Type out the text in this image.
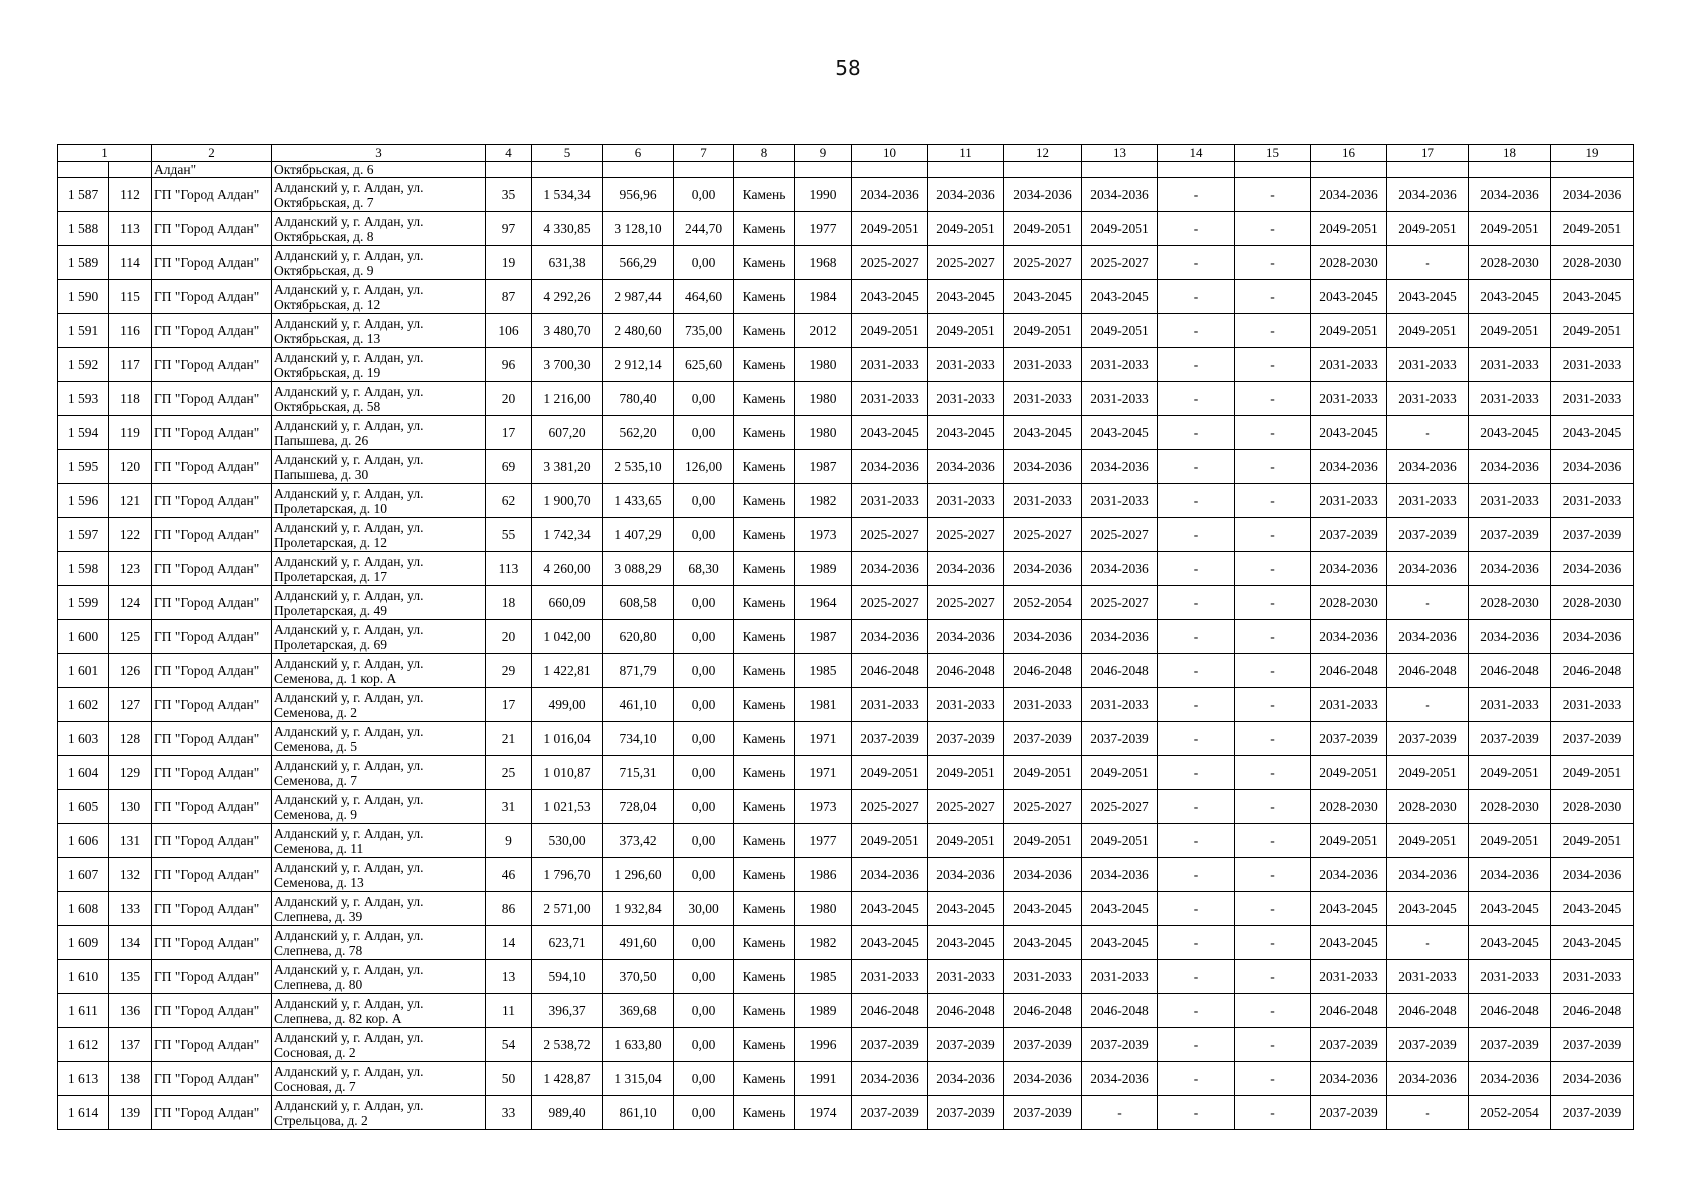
58
1		2	3	4	5	6	7	8	9	10	11	12	13	14	15	16	17	18	19
		Алдан"	Октябрьская, д. 6																
1 587	112	ГП "Город Алдан"	Алданский у, г. Алдан, ул. Октябрьская, д. 7	35	1 534,34	956,96	0,00	Камень	1990	2034-2036	2034-2036	2034-2036	2034-2036	-	-	2034-2036	2034-2036	2034-2036	2034-2036
1 588	113	ГП "Город Алдан"	Алданский у, г. Алдан, ул. Октябрьская, д. 8	97	4 330,85	3 128,10	244,70	Камень	1977	2049-2051	2049-2051	2049-2051	2049-2051	-	-	2049-2051	2049-2051	2049-2051	2049-2051
1 589	114	ГП "Город Алдан"	Алданский у, г. Алдан, ул. Октябрьская, д. 9	19	631,38	566,29	0,00	Камень	1968	2025-2027	2025-2027	2025-2027	2025-2027	-	-	2028-2030	-	2028-2030	2028-2030
1 590	115	ГП "Город Алдан"	Алданский у, г. Алдан, ул. Октябрьская, д. 12	87	4 292,26	2 987,44	464,60	Камень	1984	2043-2045	2043-2045	2043-2045	2043-2045	-	-	2043-2045	2043-2045	2043-2045	2043-2045
1 591	116	ГП "Город Алдан"	Алданский у, г. Алдан, ул. Октябрьская, д. 13	106	3 480,70	2 480,60	735,00	Камень	2012	2049-2051	2049-2051	2049-2051	2049-2051	-	-	2049-2051	2049-2051	2049-2051	2049-2051
1 592	117	ГП "Город Алдан"	Алданский у, г. Алдан, ул. Октябрьская, д. 19	96	3 700,30	2 912,14	625,60	Камень	1980	2031-2033	2031-2033	2031-2033	2031-2033	-	-	2031-2033	2031-2033	2031-2033	2031-2033
1 593	118	ГП "Город Алдан"	Алданский у, г. Алдан, ул. Октябрьская, д. 58	20	1 216,00	780,40	0,00	Камень	1980	2031-2033	2031-2033	2031-2033	2031-2033	-	-	2031-2033	2031-2033	2031-2033	2031-2033
1 594	119	ГП "Город Алдан"	Алданский у, г. Алдан, ул. Папышева, д. 26	17	607,20	562,20	0,00	Камень	1980	2043-2045	2043-2045	2043-2045	2043-2045	-	-	2043-2045	-	2043-2045	2043-2045
1 595	120	ГП "Город Алдан"	Алданский у, г. Алдан, ул. Папышева, д. 30	69	3 381,20	2 535,10	126,00	Камень	1987	2034-2036	2034-2036	2034-2036	2034-2036	-	-	2034-2036	2034-2036	2034-2036	2034-2036
1 596	121	ГП "Город Алдан"	Алданский у, г. Алдан, ул. Пролетарская, д. 10	62	1 900,70	1 433,65	0,00	Камень	1982	2031-2033	2031-2033	2031-2033	2031-2033	-	-	2031-2033	2031-2033	2031-2033	2031-2033
1 597	122	ГП "Город Алдан"	Алданский у, г. Алдан, ул. Пролетарская, д. 12	55	1 742,34	1 407,29	0,00	Камень	1973	2025-2027	2025-2027	2025-2027	2025-2027	-	-	2037-2039	2037-2039	2037-2039	2037-2039
1 598	123	ГП "Город Алдан"	Алданский у, г. Алдан, ул. Пролетарская, д. 17	113	4 260,00	3 088,29	68,30	Камень	1989	2034-2036	2034-2036	2034-2036	2034-2036	-	-	2034-2036	2034-2036	2034-2036	2034-2036
1 599	124	ГП "Город Алдан"	Алданский у, г. Алдан, ул. Пролетарская, д. 49	18	660,09	608,58	0,00	Камень	1964	2025-2027	2025-2027	2052-2054	2025-2027	-	-	2028-2030	-	2028-2030	2028-2030
1 600	125	ГП "Город Алдан"	Алданский у, г. Алдан, ул. Пролетарская, д. 69	20	1 042,00	620,80	0,00	Камень	1987	2034-2036	2034-2036	2034-2036	2034-2036	-	-	2034-2036	2034-2036	2034-2036	2034-2036
1 601	126	ГП "Город Алдан"	Алданский у, г. Алдан, ул. Семенова, д. 1 кор. А	29	1 422,81	871,79	0,00	Камень	1985	2046-2048	2046-2048	2046-2048	2046-2048	-	-	2046-2048	2046-2048	2046-2048	2046-2048
1 602	127	ГП "Город Алдан"	Алданский у, г. Алдан, ул. Семенова, д. 2	17	499,00	461,10	0,00	Камень	1981	2031-2033	2031-2033	2031-2033	2031-2033	-	-	2031-2033	-	2031-2033	2031-2033
1 603	128	ГП "Город Алдан"	Алданский у, г. Алдан, ул. Семенова, д. 5	21	1 016,04	734,10	0,00	Камень	1971	2037-2039	2037-2039	2037-2039	2037-2039	-	-	2037-2039	2037-2039	2037-2039	2037-2039
1 604	129	ГП "Город Алдан"	Алданский у, г. Алдан, ул. Семенова, д. 7	25	1 010,87	715,31	0,00	Камень	1971	2049-2051	2049-2051	2049-2051	2049-2051	-	-	2049-2051	2049-2051	2049-2051	2049-2051
1 605	130	ГП "Город Алдан"	Алданский у, г. Алдан, ул. Семенова, д. 9	31	1 021,53	728,04	0,00	Камень	1973	2025-2027	2025-2027	2025-2027	2025-2027	-	-	2028-2030	2028-2030	2028-2030	2028-2030
1 606	131	ГП "Город Алдан"	Алданский у, г. Алдан, ул. Семенова, д. 11	9	530,00	373,42	0,00	Камень	1977	2049-2051	2049-2051	2049-2051	2049-2051	-	-	2049-2051	2049-2051	2049-2051	2049-2051
1 607	132	ГП "Город Алдан"	Алданский у, г. Алдан, ул. Семенова, д. 13	46	1 796,70	1 296,60	0,00	Камень	1986	2034-2036	2034-2036	2034-2036	2034-2036	-	-	2034-2036	2034-2036	2034-2036	2034-2036
1 608	133	ГП "Город Алдан"	Алданский у, г. Алдан, ул. Слепнева, д. 39	86	2 571,00	1 932,84	30,00	Камень	1980	2043-2045	2043-2045	2043-2045	2043-2045	-	-	2043-2045	2043-2045	2043-2045	2043-2045
1 609	134	ГП "Город Алдан"	Алданский у, г. Алдан, ул. Слепнева, д. 78	14	623,71	491,60	0,00	Камень	1982	2043-2045	2043-2045	2043-2045	2043-2045	-	-	2043-2045	-	2043-2045	2043-2045
1 610	135	ГП "Город Алдан"	Алданский у, г. Алдан, ул. Слепнева, д. 80	13	594,10	370,50	0,00	Камень	1985	2031-2033	2031-2033	2031-2033	2031-2033	-	-	2031-2033	2031-2033	2031-2033	2031-2033
1 611	136	ГП "Город Алдан"	Алданский у, г. Алдан, ул. Слепнева, д. 82 кор. А	11	396,37	369,68	0,00	Камень	1989	2046-2048	2046-2048	2046-2048	2046-2048	-	-	2046-2048	2046-2048	2046-2048	2046-2048
1 612	137	ГП "Город Алдан"	Алданский у, г. Алдан, ул. Сосновая, д. 2	54	2 538,72	1 633,80	0,00	Камень	1996	2037-2039	2037-2039	2037-2039	2037-2039	-	-	2037-2039	2037-2039	2037-2039	2037-2039
1 613	138	ГП "Город Алдан"	Алданский у, г. Алдан, ул. Сосновая, д. 7	50	1 428,87	1 315,04	0,00	Камень	1991	2034-2036	2034-2036	2034-2036	2034-2036	-	-	2034-2036	2034-2036	2034-2036	2034-2036
1 614	139	ГП "Город Алдан"	Алданский у, г. Алдан, ул. Стрельцова, д. 2	33	989,40	861,10	0,00	Камень	1974	2037-2039	2037-2039	2037-2039	-	-	-	2037-2039	-	2052-2054	2037-2039
